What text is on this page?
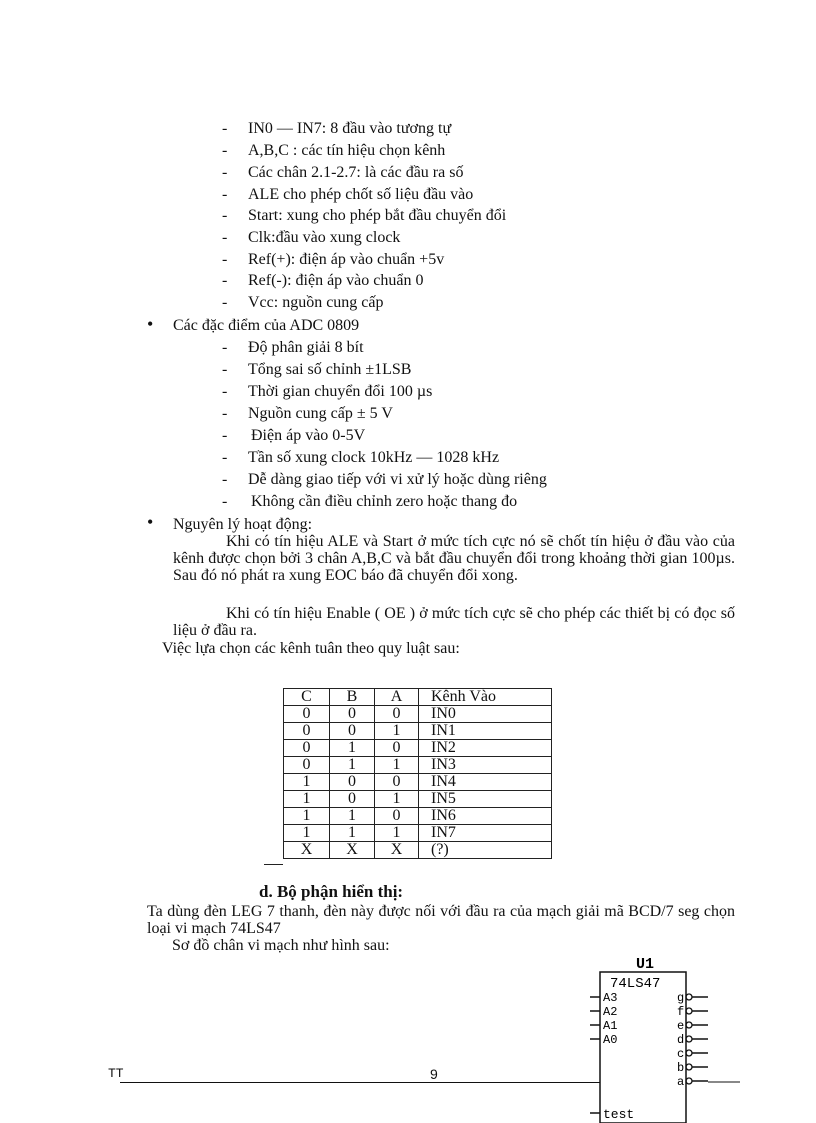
- IN0 — IN7: 8 đầu vào tương tự
- A,B,C : các tín hiệu chọn kênh
- Các chân 2.1-2.7: là các đầu ra số
- ALE cho phép chốt số liệu đầu vào
- Start: xung cho phép bắt đầu chuyển đổi
- Clk:đầu vào xung clock
- Ref(+): điện áp vào chuẩn +5v
- Ref(-): điện áp vào chuẩn 0
- Vcc: nguồn cung cấp
• Các đặc điểm của ADC 0809
- Độ phân giải 8 bít
- Tổng sai số chỉnh ±1LSB
- Thời gian chuyển đổi 100 µs
- Nguồn cung cấp ± 5 V
- Điện áp vào 0-5V
- Tần số xung clock 10kHz — 1028 kHz
- Dễ dàng giao tiếp với vi xử lý hoặc dùng riêng
- Không cần điều chỉnh zero hoặc thang đo
• Nguyên lý hoạt động:
Khi có tín hiệu ALE và Start ở mức tích cực nó sẽ chốt tín hiệu ở đầu vào của kênh được chọn bởi 3 chân A,B,C và bắt đầu chuyển đổi trong khoảng thời gian 100µs. Sau đó nó phát ra xung EOC báo đã chuyển đổi xong.
Khi có tín hiệu Enable ( OE ) ở mức tích cực sẽ cho phép các thiết bị có đọc số liệu ở đầu ra.
Việc lựa chọn các kênh tuân theo quy luật sau:
C	B	A	Kênh Vào
0	0	0	IN0
0	0	1	IN1
0	1	0	IN2
0	1	1	IN3
1	0	0	IN4
1	0	1	IN5
1	1	0	IN6
1	1	1	IN7
X	X	X	(?)
d. Bộ phận hiển thị:
Ta dùng đèn LEG 7 thanh, đèn này được nối với đầu ra của mạch giải mã BCD/7 seg chọn loại vi mạch 74LS47
Sơ đồ chân vi mạch như hình sau:
U1
74LS47
A3
A2
A1
A0
g
f
e
d
c
b
a
test
TT	9
